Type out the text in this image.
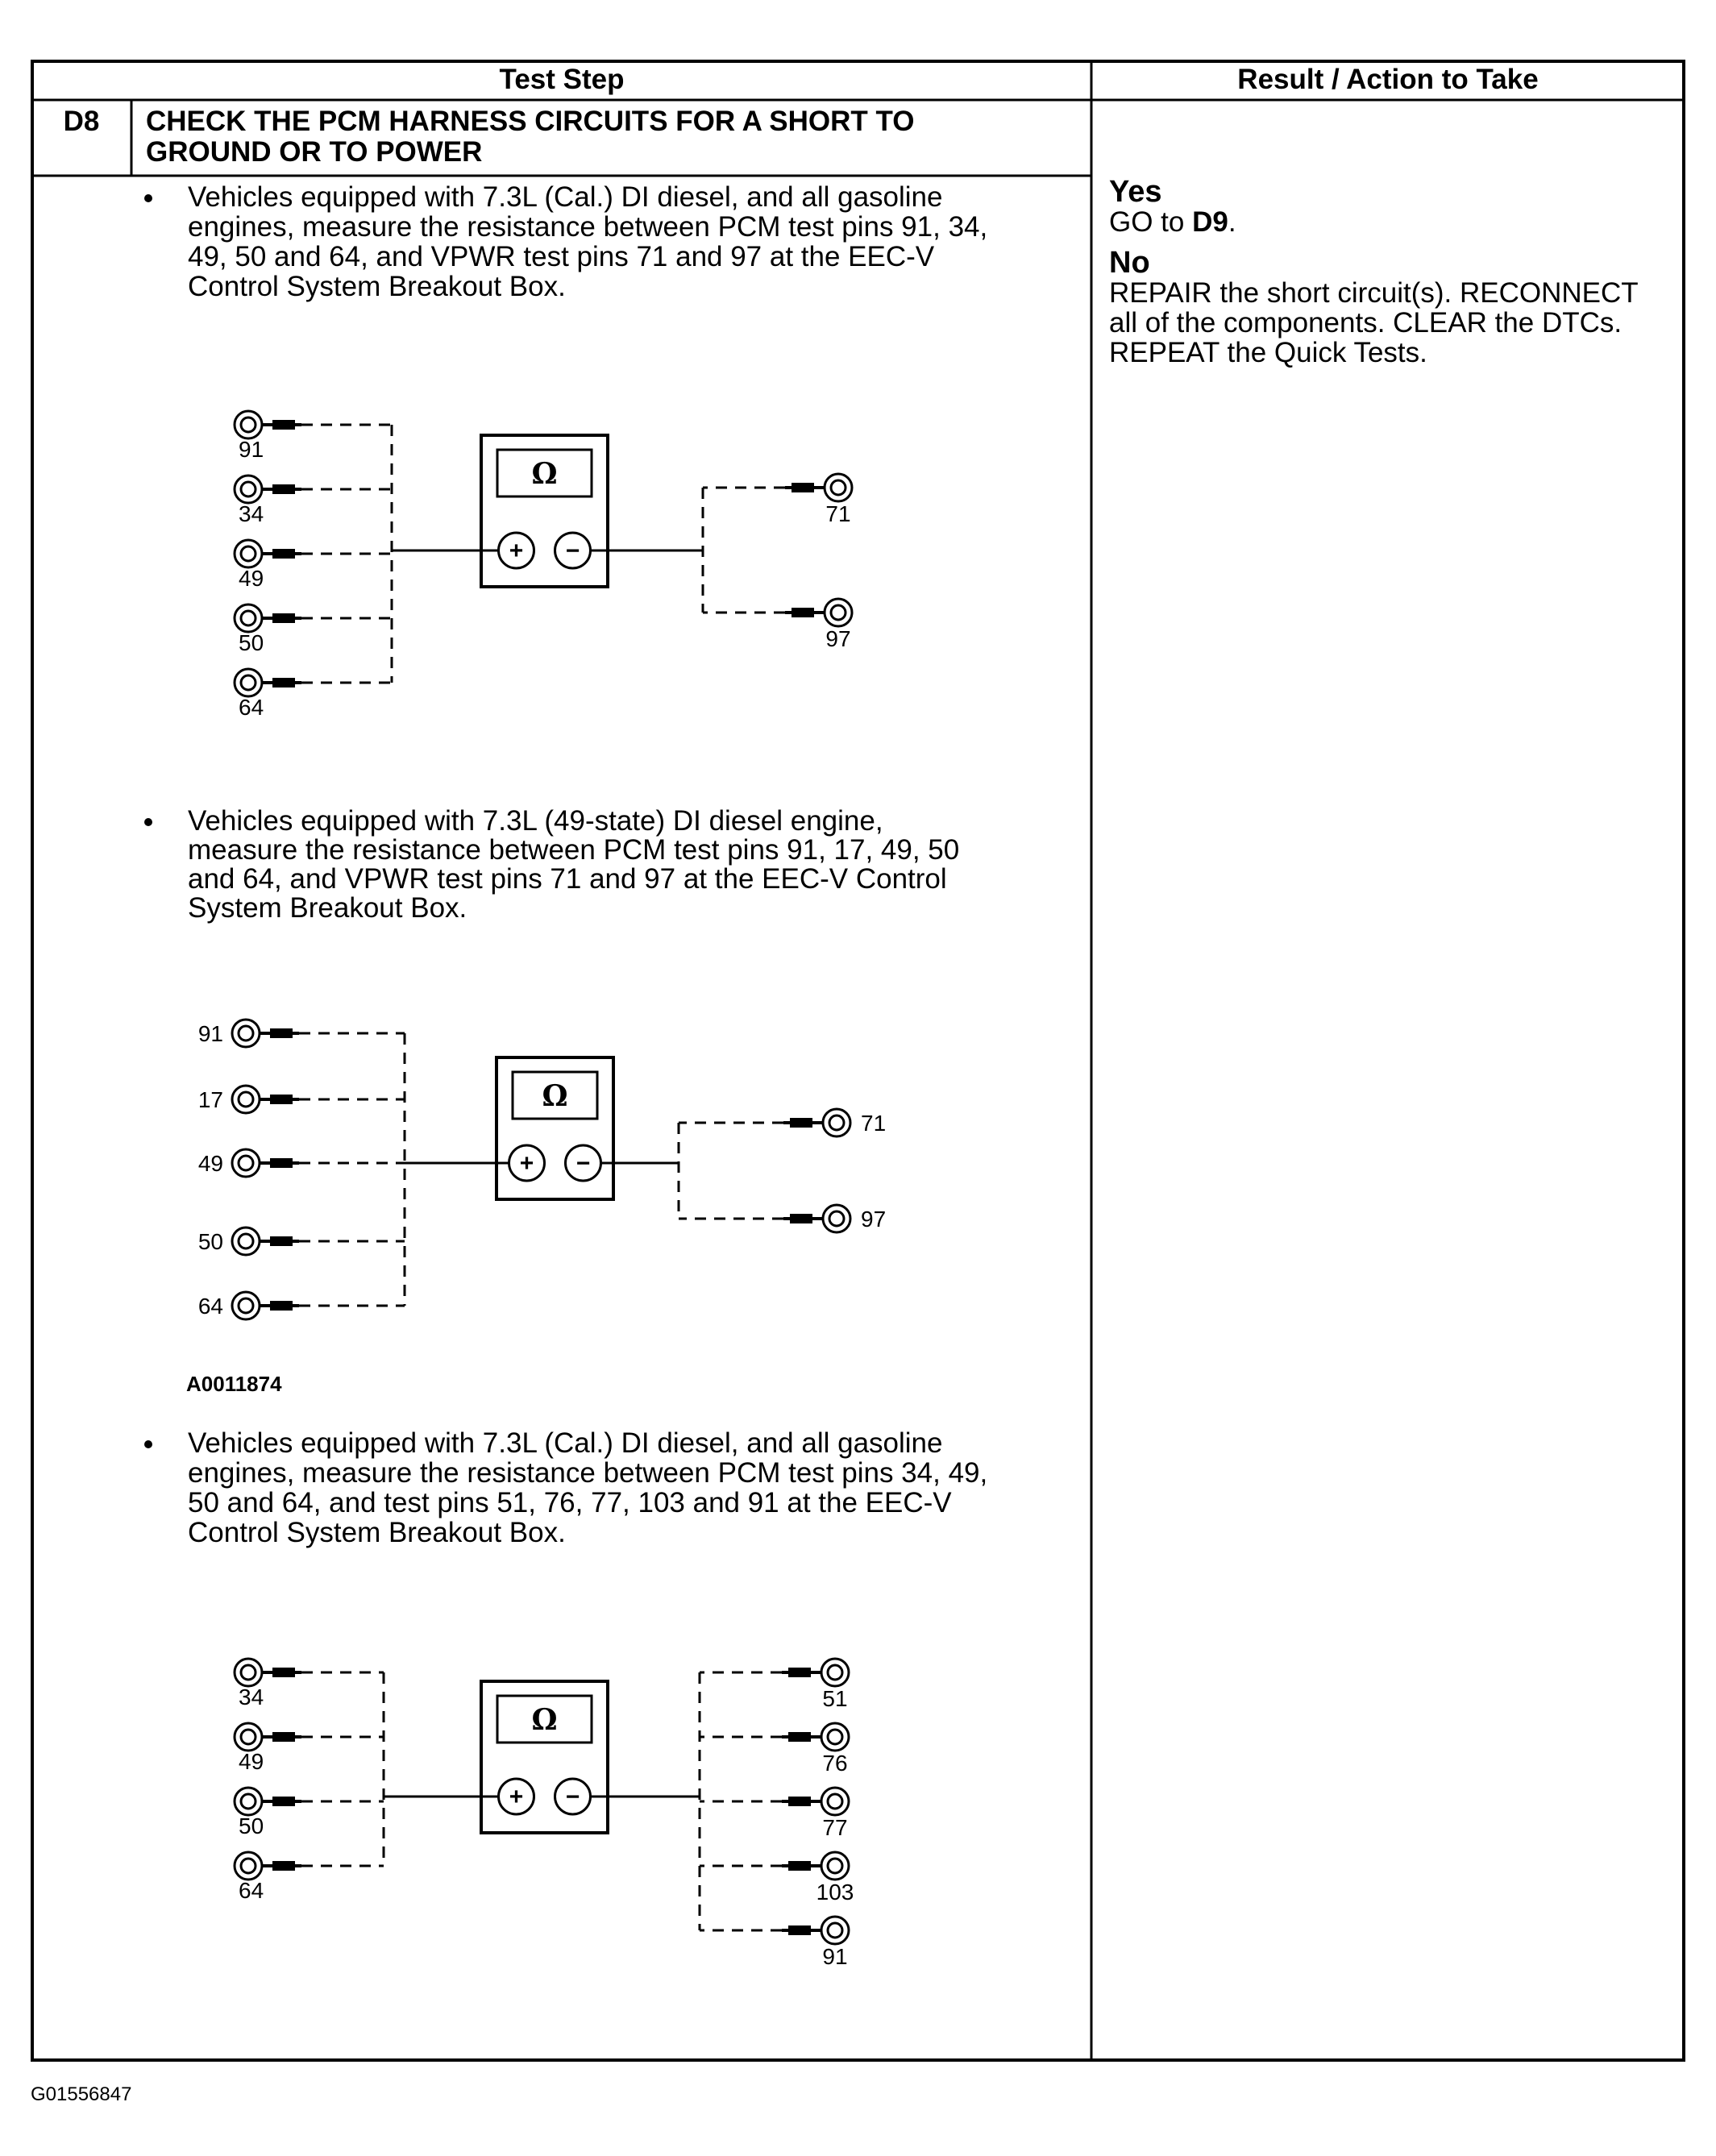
Test Step	Result / Action to Take
D8 CHECK THE PCM HARNESS CIRCUITS FOR A SHORT TO
GROUND OR TO POWER
Vehicles equipped with 7.3L (Cal.) DI diesel, and all gasoline
engines, measure the resistance between PCM test pins 91, 34,
49, 50 and 64, and VPWR test pins 71 and 97 at the EEC-V
Control System Breakout Box.
Vehicles equipped with 7.3L (49-state) DI diesel engine,
measure the resistance between PCM test pins 91, 17, 49, 50
and 64, and VPWR test pins 71 and 97 at the EEC-V Control
System Breakout Box.
Vehicles equipped with 7.3L (Cal.) DI diesel, and all gasoline
engines, measure the resistance between PCM test pins 34, 49,
50 and 64, and test pins 51, 76, 77, 103 and 91 at the EEC-V
Control System Breakout Box.
Yes
GO to D9.
No
REPAIR the short circuit(s). RECONNECT
all of the components. CLEAR the DTCs.
REPEAT the Quick Tests.
Ω
+ −
91
34
49
50
64
71
97
Ω
+ −
91
17
49
50
64
71
97
A0011874
Ω
+ −
34
49
50
64
51
76
77
103
91
G01556847
